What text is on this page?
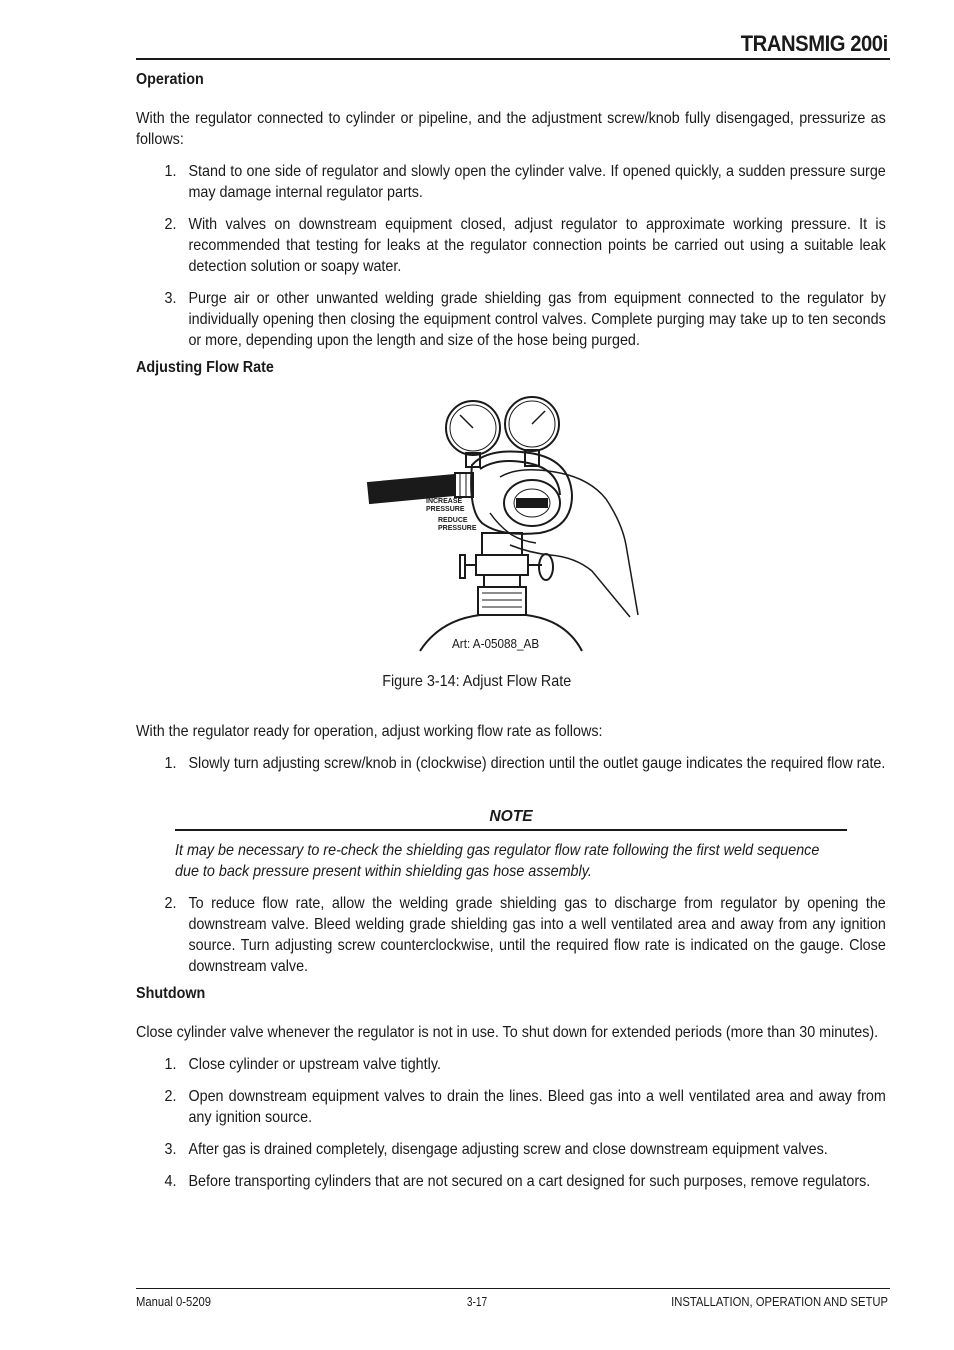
TRANSMIG 200i
Operation

With the regulator connected to cylinder or pipeline, and the adjustment screw/knob fully disengaged, pressurize as follows:

1. Stand to one side of regulator and slowly open the cylinder valve. If opened quickly, a sudden pressure surge may damage internal regulator parts.
2. With valves on downstream equipment closed, adjust regulator to approximate working pressure. It is recommended that testing for leaks at the regulator connection points be carried out using a suitable leak detection solution or soapy water.
3. Purge air or other unwanted welding grade shielding gas from equipment connected to the regulator by individually opening then closing the equipment control valves. Complete purging may take up to ten seconds or more, depending upon the length and size of the hose being purged.
Adjusting Flow Rate
INCREASE
PRESSURE
REDUCE
PRESSURE
Art: A-05088_AB
Figure 3-14: Adjust Flow Rate

With the regulator ready for operation, adjust working flow rate as follows:

1. Slowly turn adjusting screw/knob in (clockwise) direction until the outlet gauge indicates the required flow rate.
NOTE
It may be necessary to re-check the shielding gas regulator flow rate following the first weld sequence due to back pressure present within shielding gas hose assembly.
2. To reduce flow rate, allow the welding grade shielding gas to discharge from regulator by opening the downstream valve. Bleed welding grade shielding gas into a well ventilated area and away from any ignition source. Turn adjusting screw counterclockwise, until the required flow rate is indicated on the gauge. Close downstream valve.
Shutdown

Close cylinder valve whenever the regulator is not in use. To shut down for extended periods (more than 30 minutes).

1. Close cylinder or upstream valve tightly.
2. Open downstream equipment valves to drain the lines. Bleed gas into a well ventilated area and away from any ignition source.
3. After gas is drained completely, disengage adjusting screw and close downstream equipment valves.
4. Before transporting cylinders that are not secured on a cart designed for such purposes, remove regulators.
Manual 0-5209	3-17	INSTALLATION, OPERATION AND SETUP
